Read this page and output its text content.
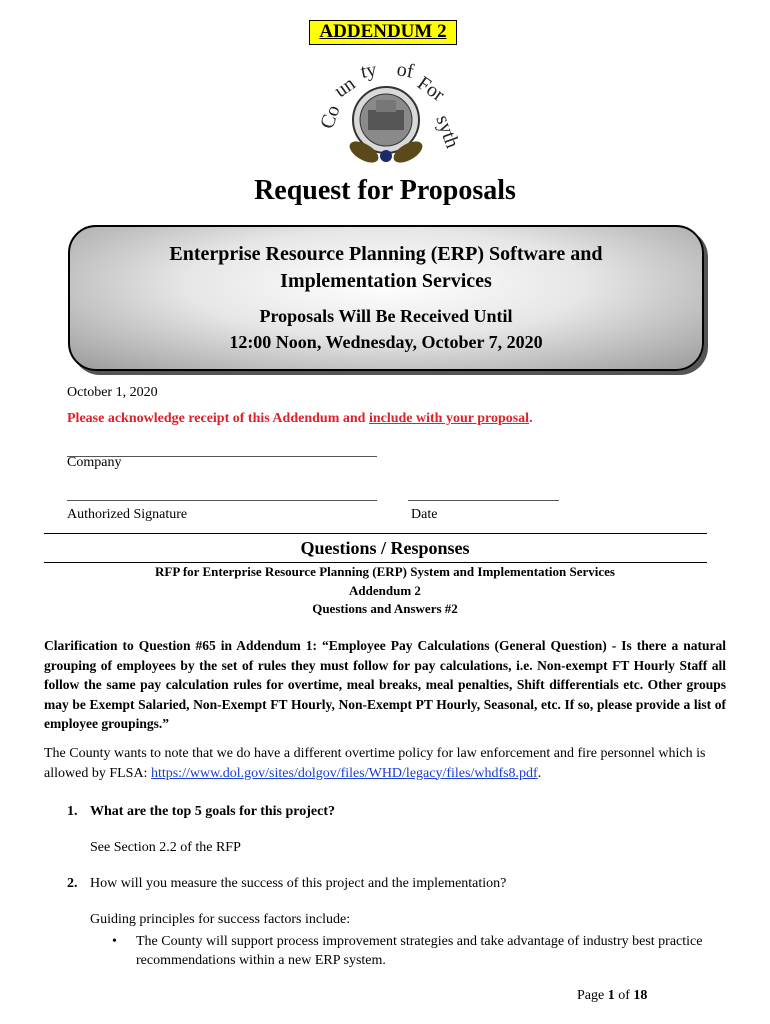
ADDENDUM 2
Co
un
ty of
For
syth
Request for Proposals
Enterprise Resource Planning (ERP) Software and
Implementation Services
Proposals Will Be Received Until
12:00 Noon, Wednesday, October 7, 2020
October 1, 2020
Please acknowledge receipt of this Addendum and include with your proposal.
Company
Authorized Signature	Date
Questions / Responses
RFP for Enterprise Resource Planning (ERP) System and Implementation Services
Addendum 2
Questions and Answers #2
Clarification to Question #65 in Addendum 1: “Employee Pay Calculations (General Question) - Is there a natural grouping of employees by the set of rules they must follow for pay calculations, i.e. Non-exempt FT Hourly Staff all follow the same pay calculation rules for overtime, meal breaks, meal penalties, Shift differentials etc. Other groups may be Exempt Salaried, Non-Exempt FT Hourly, Non-Exempt PT Hourly, Seasonal, etc. If so, please provide a list of employee groupings.”
The County wants to note that we do have a different overtime policy for law enforcement and fire personnel which is allowed by FLSA: https://www.dol.gov/sites/dolgov/files/WHD/legacy/files/whdfs8.pdf.
1. What are the top 5 goals for this project?
See Section 2.2 of the RFP
2. How will you measure the success of this project and the implementation?
Guiding principles for success factors include:
• The County will support process improvement strategies and take advantage of industry best practice recommendations within a new ERP system.
Page 1 of 18
